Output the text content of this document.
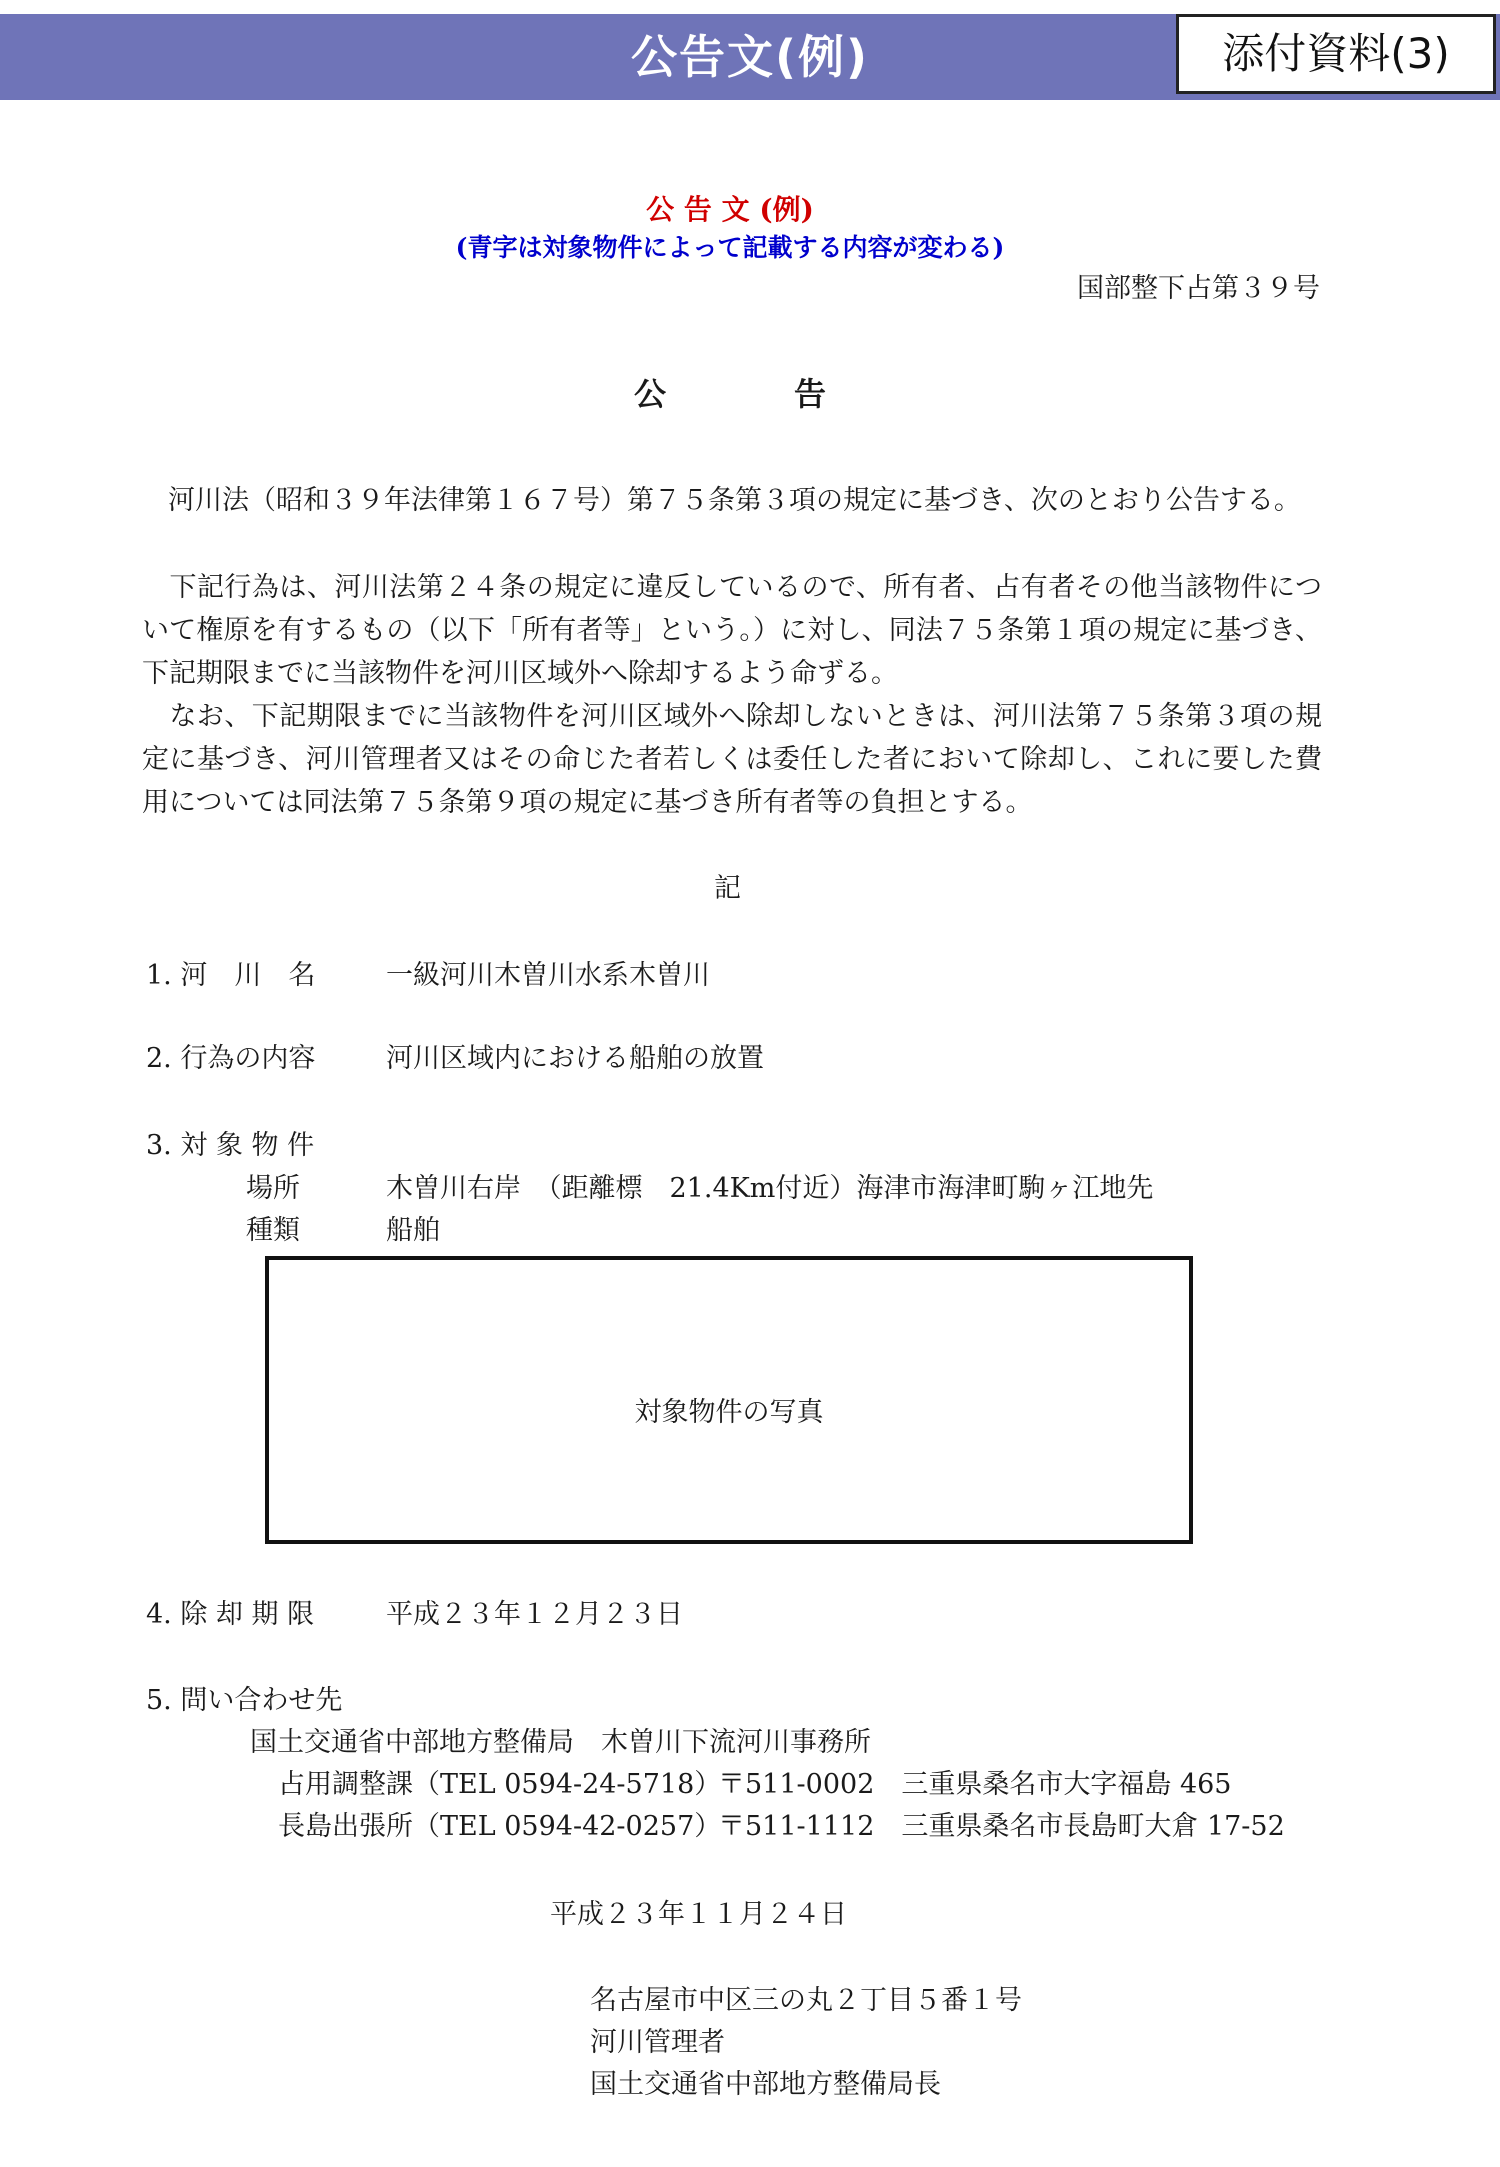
公告文(例)	添付資料(3)
公 告 文 (例)
(青字は対象物件によって記載する内容が変わる)
国部整下占第３９号
公　　　　告
河川法（昭和３９年法律第１６７号）第７５条第３項の規定に基づき、次のとおり公告する。
　下記行為は、河川法第２４条の規定に違反しているので、所有者、占有者その他当該物件について権原を有するもの（以下「所有者等」という。）に対し、同法７５条第１項の規定に基づき、下記期限までに当該物件を河川区域外へ除却するよう命ずる。
　なお、下記期限までに当該物件を河川区域外へ除却しないときは、河川法第７５条第３項の規定に基づき、河川管理者又はその命じた者若しくは委任した者において除却し、これに要した費用については同法第７５条第９項の規定に基づき所有者等の負担とする。
記
1. 河　川　名	一級河川木曽川水系木曽川
2. 行為の内容	河川区域内における船舶の放置
3. 対 象 物 件
場所	木曽川右岸　（距離標　21.4Km付近）海津市海津町駒ヶ江地先
種類	船舶
対象物件の写真
4. 除 却 期 限	平成２３年１２月２３日
5. 問い合わせ先
国土交通省中部地方整備局　木曽川下流河川事務所
占用調整課（TEL 0594-24-5718）
〒511-0002　三重県桑名市大字福島 465
長島出張所（TEL 0594-42-0257）
〒511-1112　三重県桑名市長島町大倉 17-52
平成２３年１１月２４日
名古屋市中区三の丸２丁目５番１号
河川管理者
国土交通省中部地方整備局長
